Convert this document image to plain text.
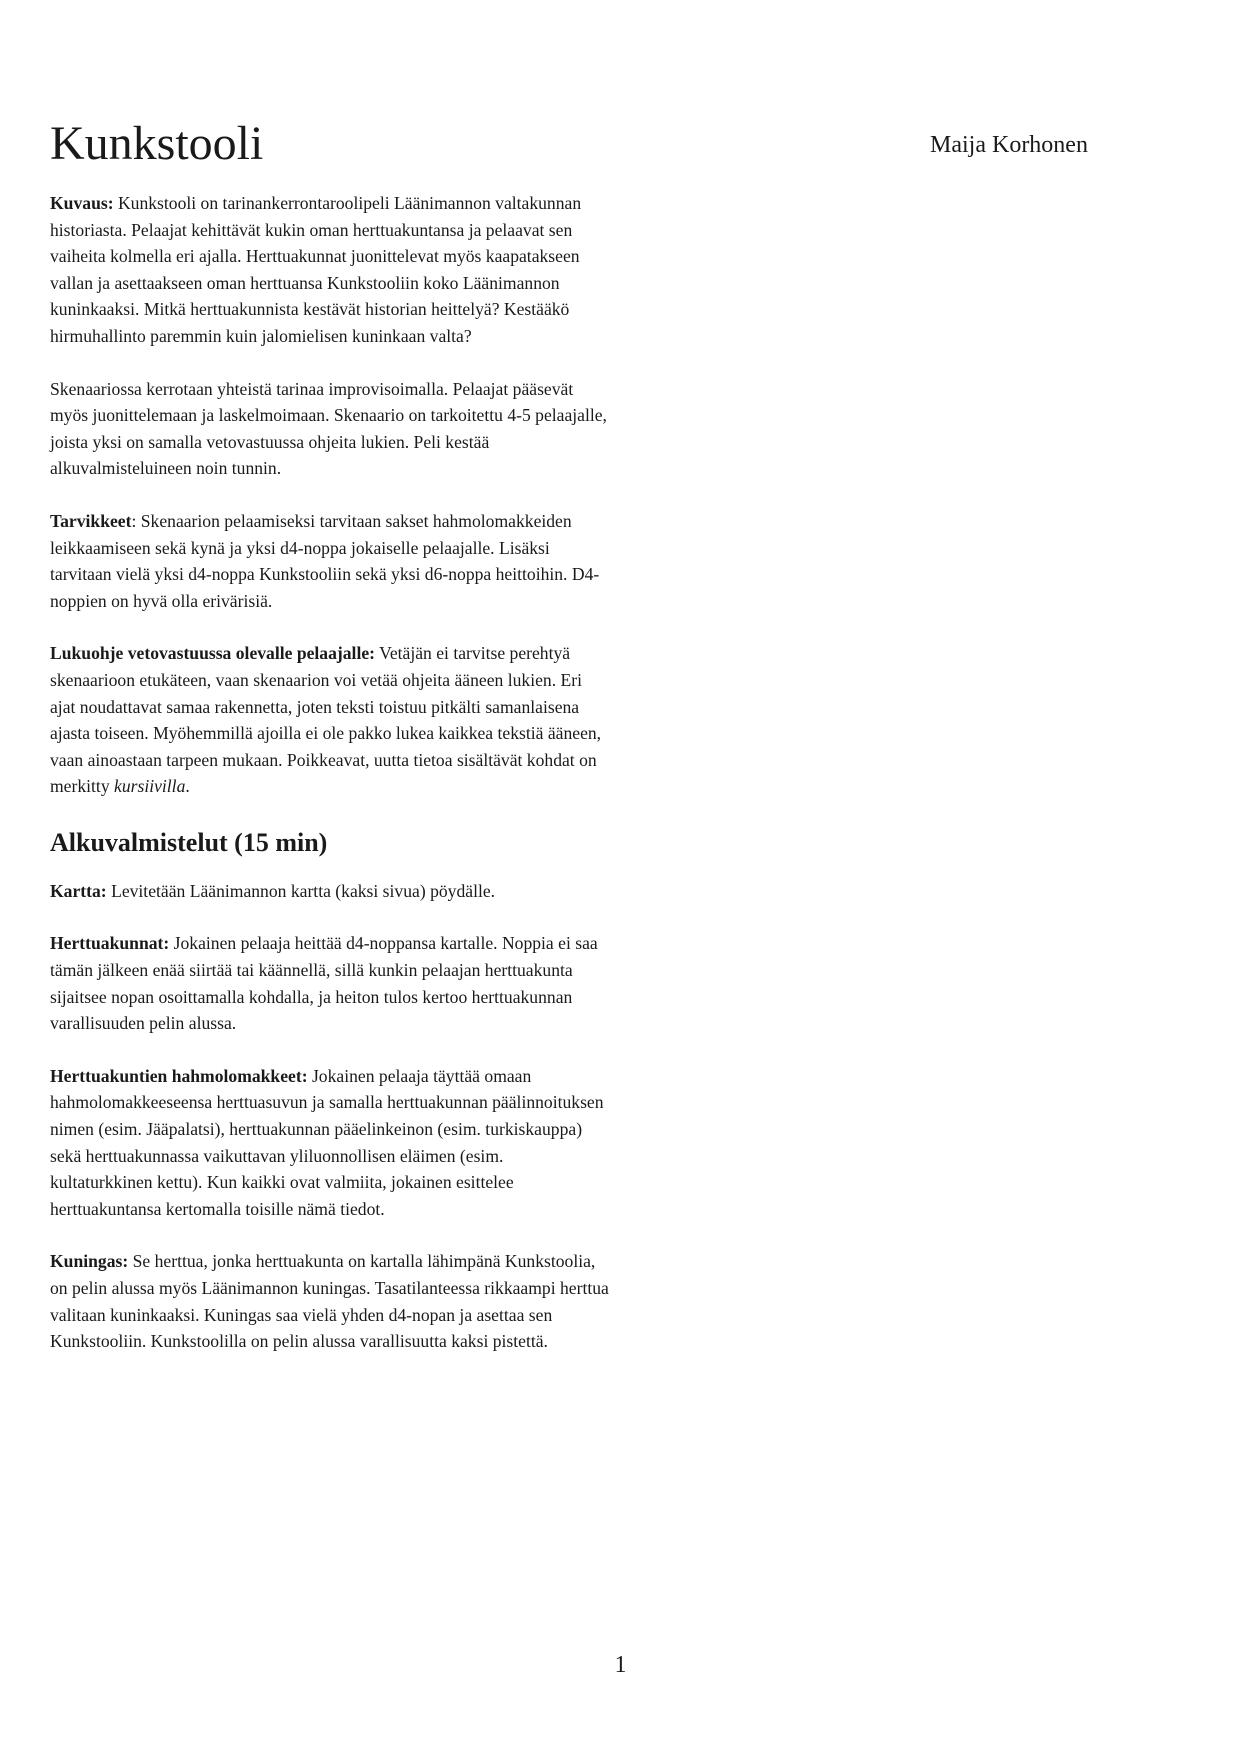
Kunkstooli	Maija Korhonen

Kuvaus: Kunkstooli on tarinankerrontaroolipeli Läänimannon valtakunnan historiasta. Pelaajat kehittävät kukin oman herttuakuntansa ja pelaavat sen vaiheita kolmella eri ajalla. Herttuakunnat juonittelevat myös kaapatakseen vallan ja asettaakseen oman herttuansa Kunkstooliin koko Läänimannon kuninkaaksi. Mitkä herttuakunnista kestävät historian heittelyä? Kestääkö hirmuhallinto paremmin kuin jalomielisen kuninkaan valta?

Skenaariossa kerrotaan yhteistä tarinaa improvisoimalla. Pelaajat pääsevät myös juonittelemaan ja laskelmoimaan. Skenaario on tarkoitettu 4-5 pelaajalle, joista yksi on samalla vetovastuussa ohjeita lukien. Peli kestää alkuvalmisteluineen noin tunnin.

Tarvikkeet: Skenaarion pelaamiseksi tarvitaan sakset hahmolomakkeiden leikkaamiseen sekä kynä ja yksi d4-noppa jokaiselle pelaajalle. Lisäksi tarvitaan vielä yksi d4-noppa Kunkstooliin sekä yksi d6-noppa heittoihin. D4-noppien on hyvä olla erivärisiä.

Lukuohje vetovastuussa olevalle pelaajalle: Vetäjän ei tarvitse perehtyä skenaarioon etukäteen, vaan skenaarion voi vetää ohjeita ääneen lukien. Eri ajat noudattavat samaa rakennetta, joten teksti toistuu pitkälti samanlaisena ajasta toiseen. Myöhemmillä ajoilla ei ole pakko lukea kaikkea tekstiä ääneen, vaan ainoastaan tarpeen mukaan. Poikkeavat, uutta tietoa sisältävät kohdat on merkitty kursiivilla.

Alkuvalmistelut (15 min)

Kartta: Levitetään Läänimannon kartta (kaksi sivua) pöydälle.

Herttuakunnat: Jokainen pelaaja heittää d4-noppansa kartalle. Noppia ei saa tämän jälkeen enää siirtää tai käännellä, sillä kunkin pelaajan herttuakunta sijaitsee nopan osoittamalla kohdalla, ja heiton tulos kertoo herttuakunnan varallisuuden pelin alussa.

Herttuakuntien hahmolomakkeet: Jokainen pelaaja täyttää omaan hahmolomakkeeseensa herttuasuvun ja samalla herttuakunnan päälinnoituksen nimen (esim. Jääpalatsi), herttuakunnan pääelinkeinon (esim. turkiskauppa) sekä herttuakunnassa vaikuttavan yliluonnollisen eläimen (esim. kultaturkkinen kettu). Kun kaikki ovat valmiita, jokainen esittelee herttuakuntansa kertomalla toisille nämä tiedot.

Kuningas: Se herttua, jonka herttuakunta on kartalla lähimpänä Kunkstoolia, on pelin alussa myös Läänimannon kuningas. Tasatilanteessa rikkaampi herttua valitaan kuninkaaksi. Kuningas saa vielä yhden d4-nopan ja asettaa sen Kunkstooliin. Kunkstoolilla on pelin alussa varallisuutta kaksi pistettä.

1
